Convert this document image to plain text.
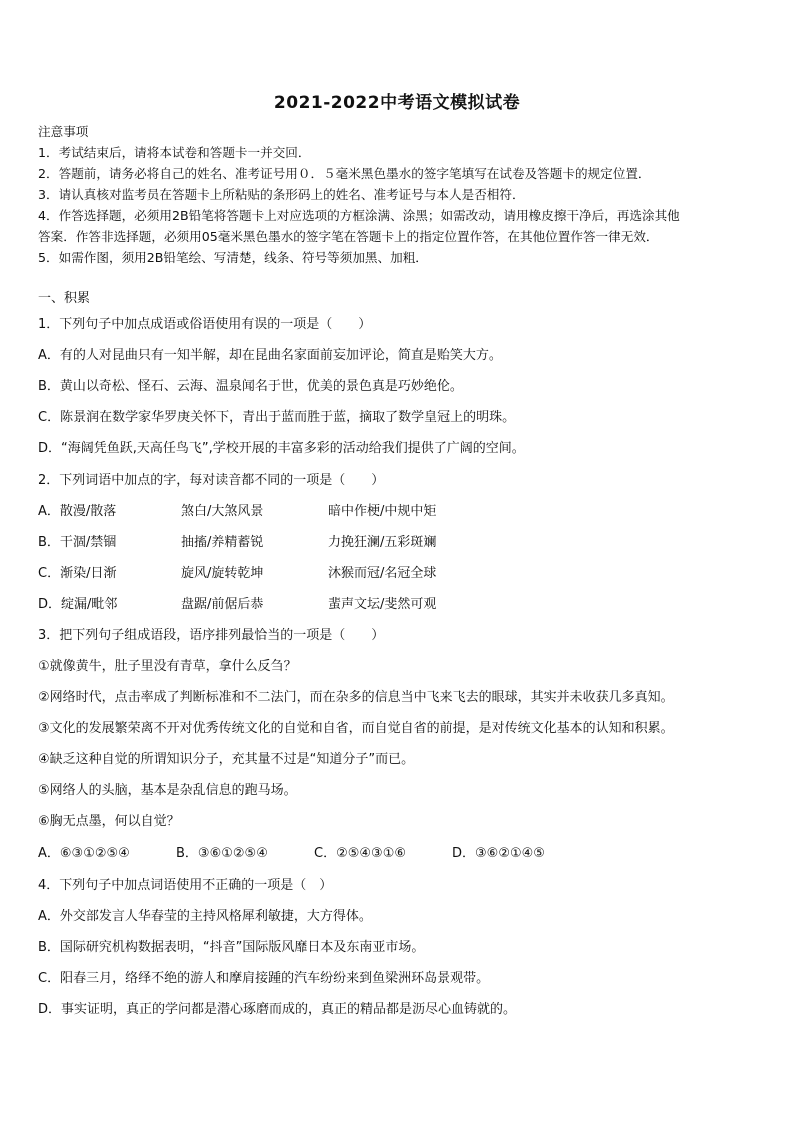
2021-2022中考语文模拟试卷
注意事项
1．考试结束后，请将本试卷和答题卡一并交回．
2．答题前，请务必将自己的姓名、准考证号用０．５毫米黑色墨水的签字笔填写在试卷及答题卡的规定位置．
3．请认真核对监考员在答题卡上所粘贴的条形码上的姓名、准考证号与本人是否相符．
4．作答选择题，必须用2B铅笔将答题卡上对应选项的方框涂满、涂黑；如需改动，请用橡皮擦干净后，再选涂其他
答案．作答非选择题，必须用05毫米黑色墨水的签字笔在答题卡上的指定位置作答，在其他位置作答一律无效．
5．如需作图，须用2B铅笔绘、写清楚，线条、符号等须加黑、加粗．
一、积累
1．下列句子中加点成语或俗语使用有误的一项是（　　）
A．有的人对昆曲只有一知半解，却在昆曲名家面前妄加评论，简直是贻笑大方。
B．黄山以奇松、怪石、云海、温泉闻名于世，优美的景色真是巧妙绝伦。
C．陈景润在数学家华罗庚关怀下，青出于蓝而胜于蓝，摘取了数学皇冠上的明珠。
D．“海阔凭鱼跃,天高任鸟飞”,学校开展的丰富多彩的活动给我们提供了广阔的空间。
2．下列词语中加点的字，每对读音都不同的一项是（　　）
A．散漫/散落	煞白/大煞风景	暗中作梗/中规中矩
B．干涸/禁锢	抽搐/养精蓄锐	力挽狂澜/五彩斑斓
C．渐染/日渐	旋风/旋转乾坤	沐猴而冠/名冠全球
D．绽漏/毗邻	盘踞/前倨后恭	蜚声文坛/斐然可观
3．把下列句子组成语段，语序排列最恰当的一项是（　　）
①就像黄牛，肚子里没有青草，拿什么反刍？
②网络时代，点击率成了判断标准和不二法门，而在杂多的信息当中飞来飞去的眼球，其实并未收获几多真知。
③文化的发展繁荣离不开对优秀传统文化的自觉和自省，而自觉自省的前提，是对传统文化基本的认知和积累。
④缺乏这种自觉的所谓知识分子，充其量不过是“知道分子”而已。
⑤网络人的头脑，基本是杂乱信息的跑马场。
⑥胸无点墨，何以自觉？
A．⑥③①②⑤④	B．③⑥①②⑤④	C．②⑤④③①⑥	D．③⑥②①④⑤
4．下列句子中加点词语使用不正确的一项是（　）
A．外交部发言人华春莹的主持风格犀利敏捷，大方得体。
B．国际研究机构数据表明，“抖音”国际版风靡日本及东南亚市场。
C．阳春三月，络绎不绝的游人和摩肩接踵的汽车纷纷来到鱼梁洲环岛景观带。
D．事实证明，真正的学问都是潜心琢磨而成的，真正的精品都是沥尽心血铸就的。
